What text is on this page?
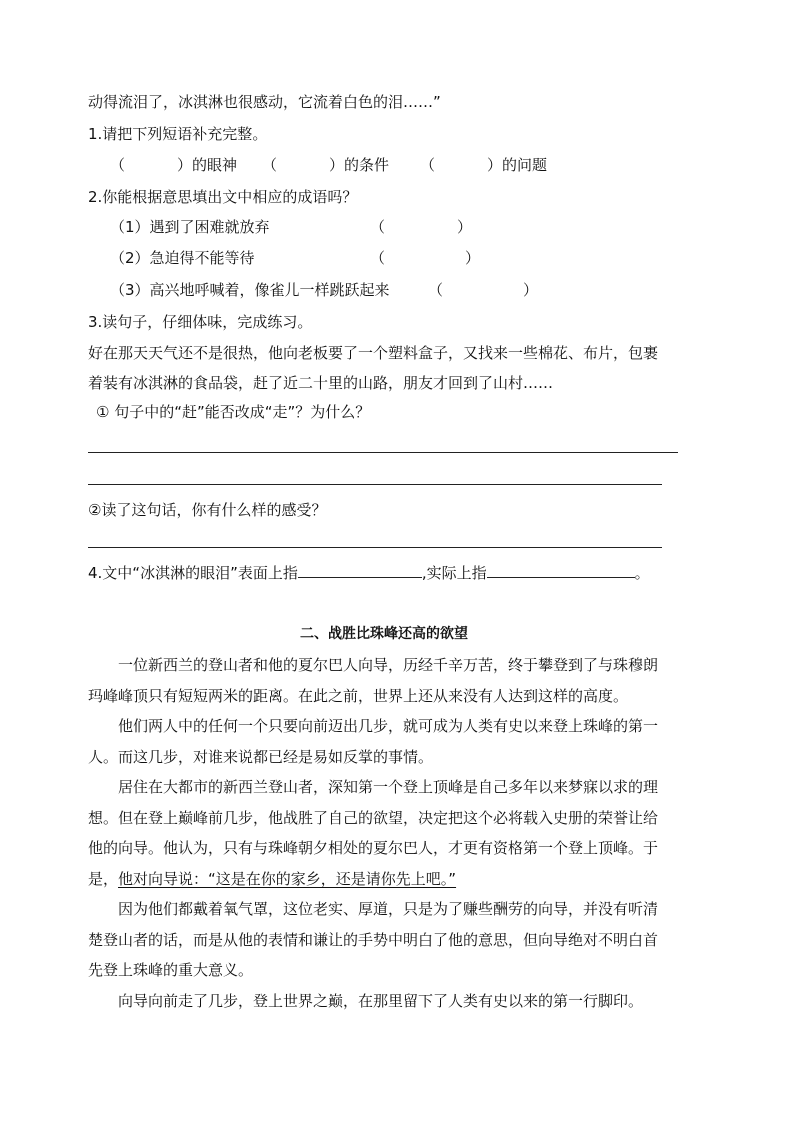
动得流泪了，冰淇淋也很感动，它流着白色的泪……”
1.请把下列短语补充完整。
（	）的眼神 （	）的条件 （	）的问题
2.你能根据意思填出文中相应的成语吗？
（1）遇到了困难就放弃	（	）
（2）急迫得不能等待	（	）
（3）高兴地呼喊着，像雀儿一样跳跃起来	（	）
3.读句子，仔细体味，完成练习。
好在那天天气还不是很热，他向老板要了一个塑料盒子，又找来一些棉花、布片，包裹
着装有冰淇淋的食品袋，赶了近二十里的山路，朋友才回到了山村……
① 句子中的“赶”能否改成“走”？为什么？
②读了这句话，你有什么样的感受？
4.文中“冰淇淋的眼泪”表面上指	,实际上指	。
二、战胜比珠峰还高的欲望
一位新西兰的登山者和他的夏尔巴人向导，历经千辛万苦，终于攀登到了与珠穆朗
玛峰峰顶只有短短两米的距离。在此之前，世界上还从来没有人达到这样的高度。
他们两人中的任何一个只要向前迈出几步，就可成为人类有史以来登上珠峰的第一
人。而这几步，对谁来说都已经是易如反掌的事情。
居住在大都市的新西兰登山者，深知第一个登上顶峰是自己多年以来梦寐以求的理
想。但在登上巅峰前几步，他战胜了自己的欲望，决定把这个必将载入史册的荣誉让给
他的向导。他认为，只有与珠峰朝夕相处的夏尔巴人，才更有资格第一个登上顶峰。于
是，他对向导说：“这是在你的家乡，还是请你先上吧。”
因为他们都戴着氧气罩，这位老实、厚道，只是为了赚些酬劳的向导，并没有听清
楚登山者的话，而是从他的表情和谦让的手势中明白了他的意思，但向导绝对不明白首
先登上珠峰的重大意义。
向导向前走了几步，登上世界之巅，在那里留下了人类有史以来的第一行脚印。
